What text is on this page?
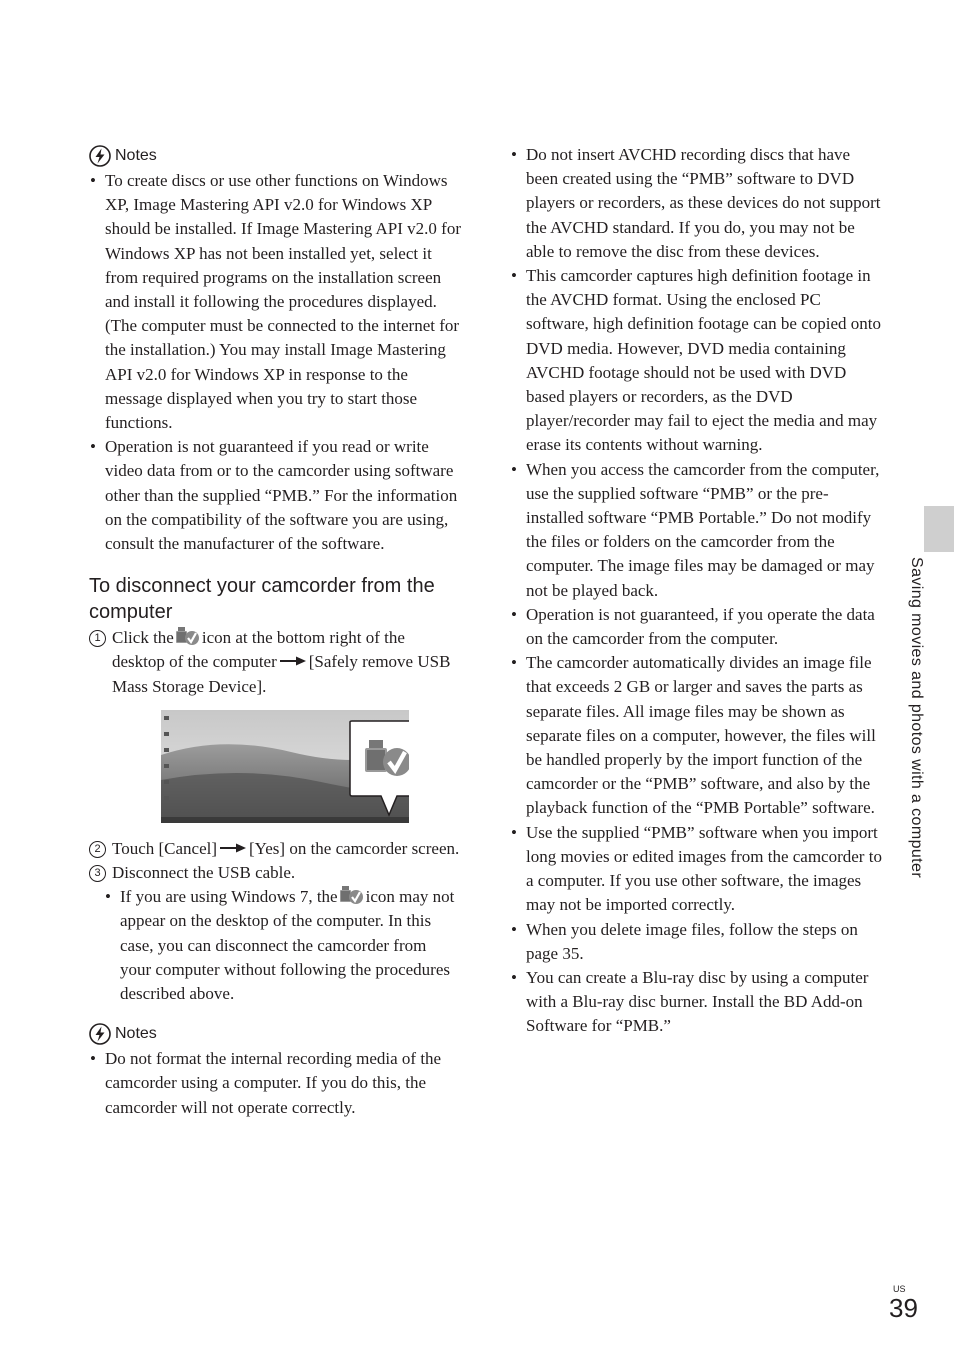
Notes
• To create discs or use other functions on Windows XP, Image Mastering API v2.0 for Windows XP should be installed. If Image Mastering API v2.0 for Windows XP has not been installed yet, select it from required programs on the installation screen and install it following the procedures displayed. (The computer must be connected to the internet for the installation.) You may install Image Mastering API v2.0 for Windows XP in response to the message displayed when you try to start those functions.
• Operation is not guaranteed if you read or write video data from or to the camcorder using software other than the supplied “PMB.” For the information on the compatibility of the software you are using, consult the manufacturer of the software.
To disconnect your camcorder from the computer
1 Click the icon at the bottom right of the desktop of the computer [Safely remove USB Mass Storage Device].
2 Touch [Cancel] [Yes] on the camcorder screen.
3 Disconnect the USB cable.
• If you are using Windows 7, the icon may not appear on the desktop of the computer. In this case, you can disconnect the camcorder from your computer without following the procedures described above.
Notes
• Do not format the internal recording media of the camcorder using a computer. If you do this, the camcorder will not operate correctly.
• Do not insert AVCHD recording discs that have been created using the “PMB” software to DVD players or recorders, as these devices do not support the AVCHD standard. If you do, you may not be able to remove the disc from these devices.
• This camcorder captures high definition footage in the AVCHD format. Using the enclosed PC software, high definition footage can be copied onto DVD media. However, DVD media containing AVCHD footage should not be used with DVD based players or recorders, as the DVD player/recorder may fail to eject the media and may erase its contents without warning.
• When you access the camcorder from the computer, use the supplied software “PMB” or the pre-installed software “PMB Portable.” Do not modify the files or folders on the camcorder from the computer. The image files may be damaged or may not be played back.
• Operation is not guaranteed, if you operate the data on the camcorder from the computer.
• The camcorder automatically divides an image file that exceeds 2 GB or larger and saves the parts as separate files. All image files may be shown as separate files on a computer, however, the files will be handled properly by the import function of the camcorder or the “PMB” software, and also by the playback function of the “PMB Portable” software.
• Use the supplied “PMB” software when you import long movies or edited images from the camcorder to a computer. If you use other software, the images may not be imported correctly.
• When you delete image files, follow the steps on page 35.
• You can create a Blu-ray disc by using a computer with a Blu-ray disc burner. Install the BD Add-on Software for “PMB.”
Saving movies and photos with a computer
US
39
